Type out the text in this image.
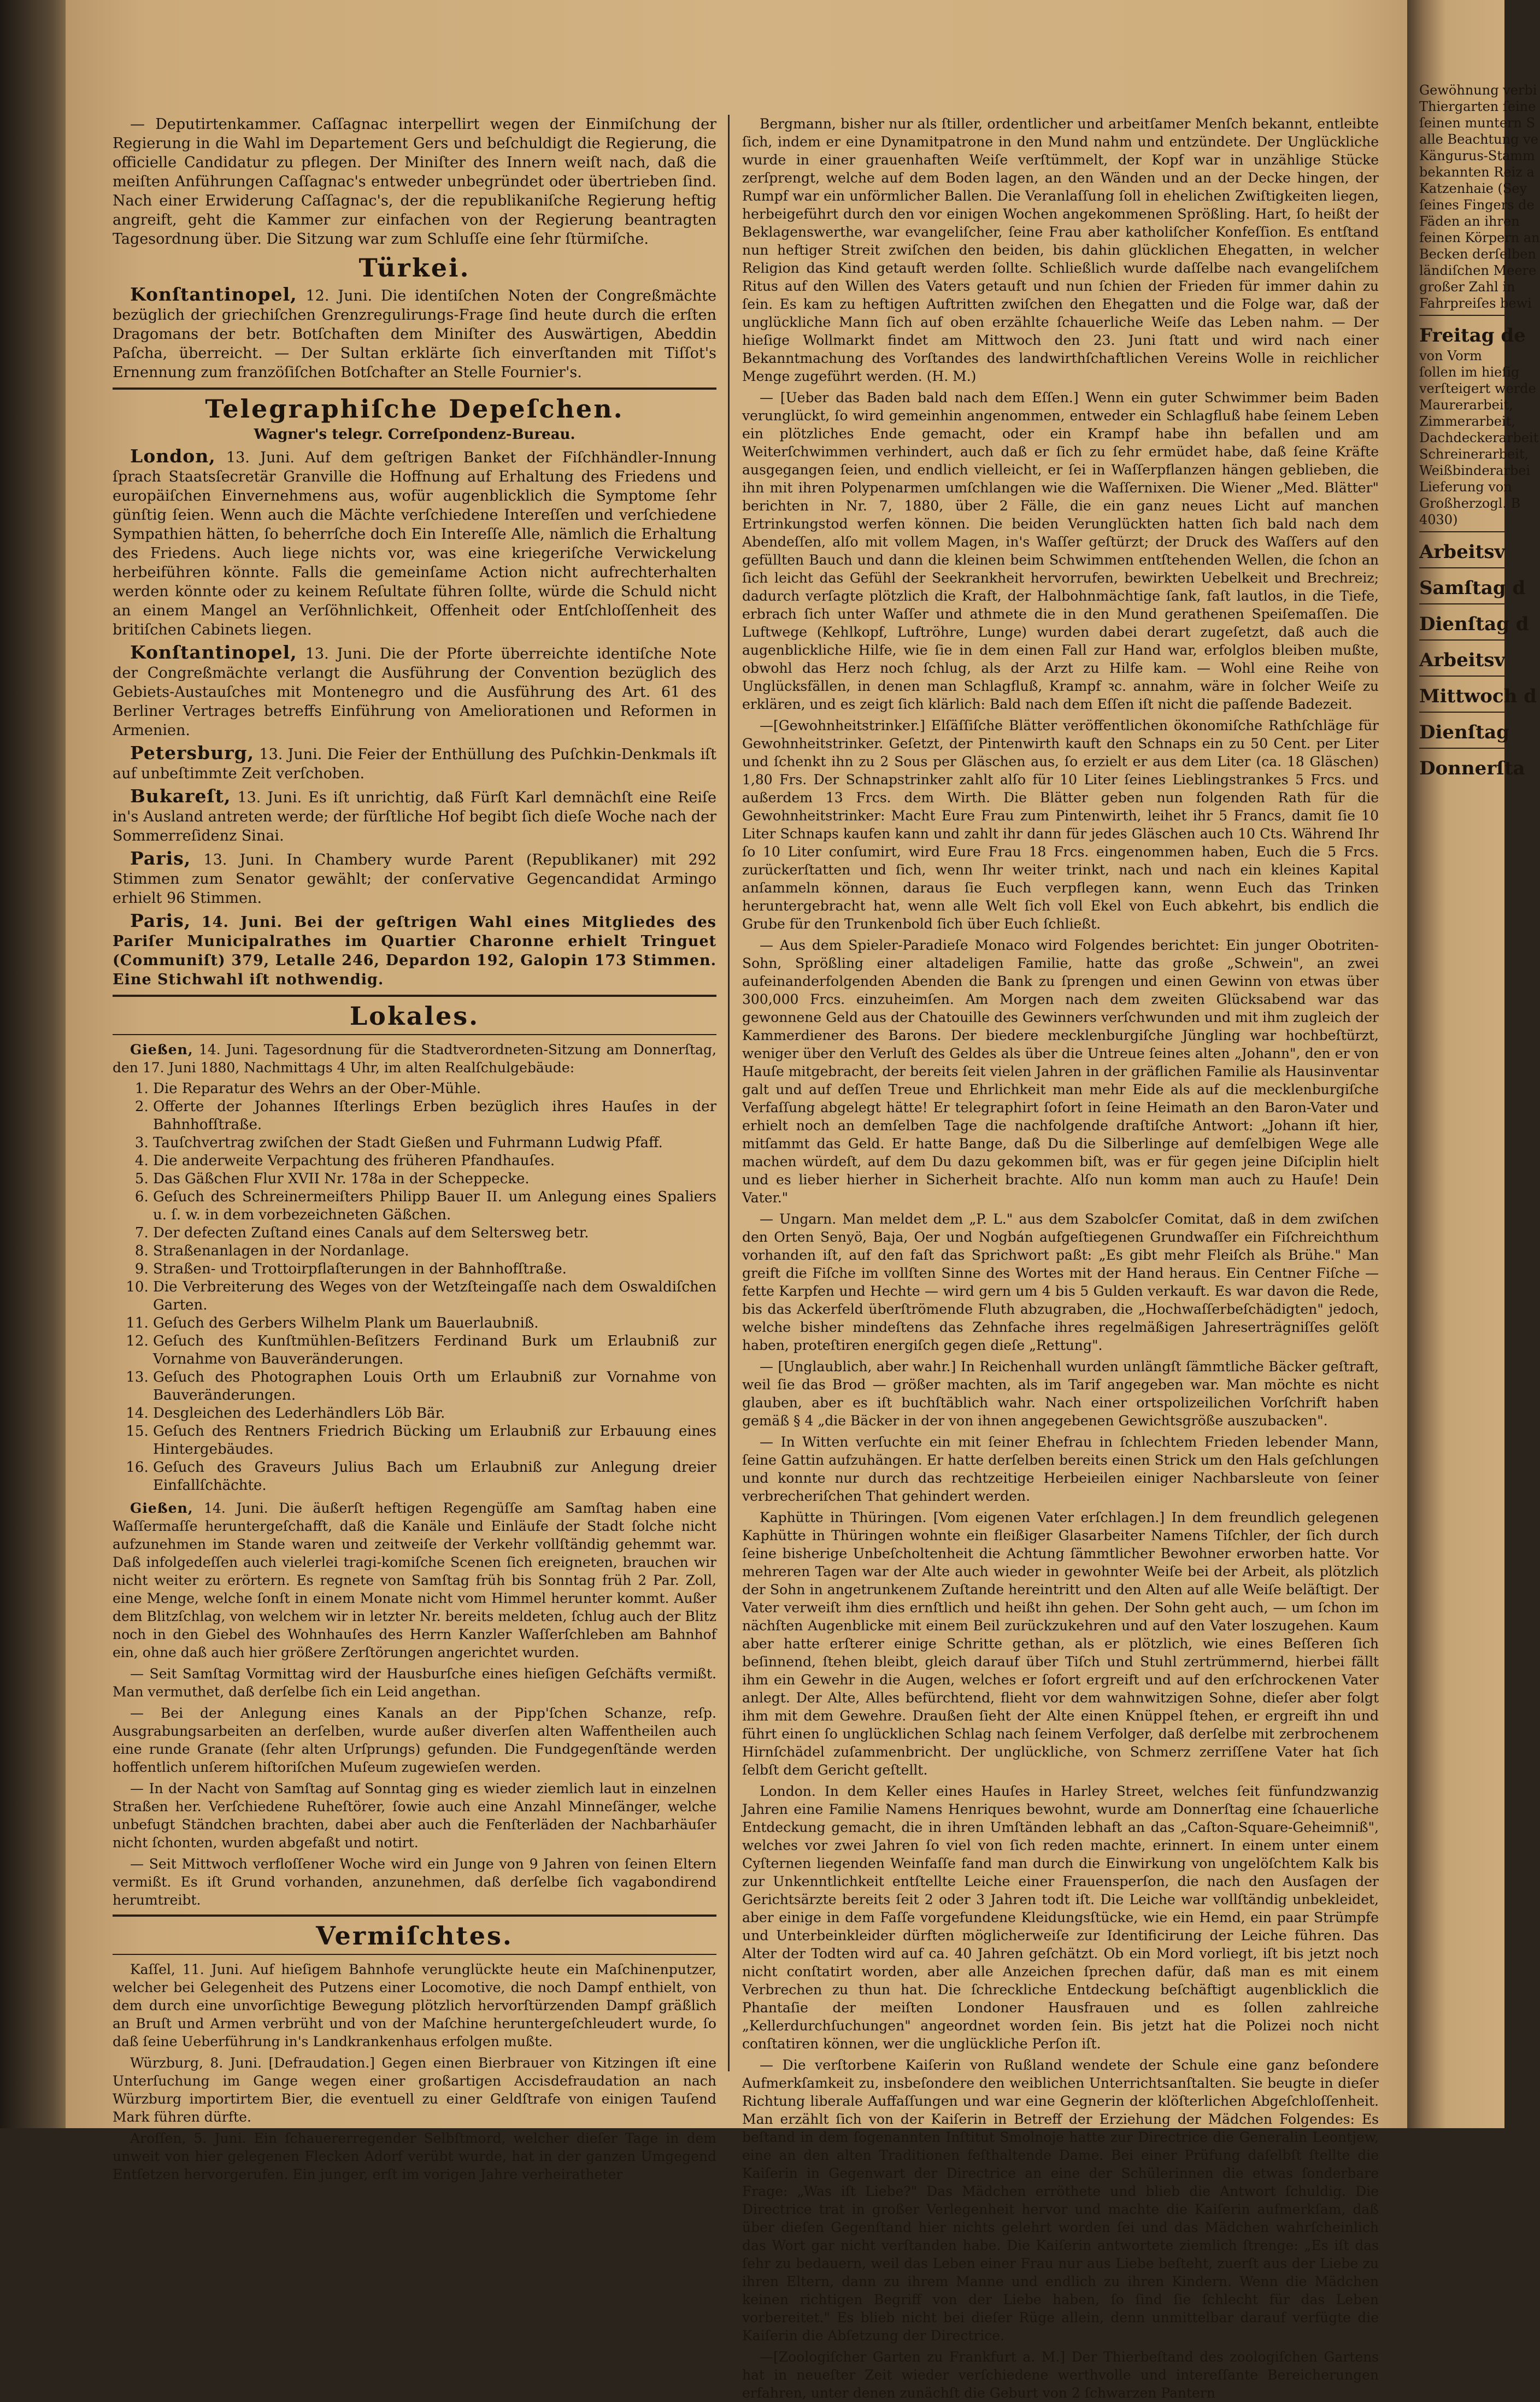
— Deputirtenkammer. Caſſagnac interpellirt wegen der Einmiſchung der Regierung in die Wahl im Departement Gers und beſchuldigt die Regierung, die officielle Candidatur zu pflegen. Der Miniſter des Innern weiſt nach, daß die meiſten Anführungen Caſſagnac's entweder unbegründet oder übertrieben ſind. Nach einer Erwiderung Caſſagnac's, der die republikaniſche Regierung heftig angreift, geht die Kammer zur einfachen von der Regierung beantragten Tagesordnung über. Die Sitzung war zum Schluſſe eine ſehr ſtürmiſche.

Türkei.

Konſtantinopel, 12. Juni. Die identiſchen Noten der Congreßmächte bezüglich der griechiſchen Grenzregulirungs-Frage ſind heute durch die erſten Dragomans der betr. Botſchaften dem Miniſter des Auswärtigen, Abeddin Paſcha, überreicht. — Der Sultan erklärte ſich einverſtanden mit Tiſſot's Ernennung zum franzöſiſchen Botſchafter an Stelle Fournier's.

Telegraphiſche Depeſchen.
Wagner's telegr. Correſpondenz-Bureau.

London, 13. Juni. Auf dem geſtrigen Banket der Fiſchhändler-Innung ſprach Staatsſecretär Granville die Hoffnung auf Erhaltung des Friedens und europäiſchen Einvernehmens aus, wofür augenblicklich die Symptome ſehr günſtig ſeien. Wenn auch die Mächte verſchiedene Intereſſen und verſchiedene Sympathien hätten, ſo beherrſche doch Ein Intereſſe Alle, nämlich die Erhaltung des Friedens. Auch liege nichts vor, was eine kriegeriſche Verwickelung herbeiführen könnte. Falls die gemeinſame Action nicht aufrechterhalten werden könnte oder zu keinem Reſultate führen ſollte, würde die Schuld nicht an einem Mangel an Verſöhnlichkeit, Offenheit oder Entſchloſſenheit des britiſchen Cabinets liegen.

Konſtantinopel, 13. Juni. Die der Pforte überreichte identiſche Note der Congreßmächte verlangt die Ausführung der Convention bezüglich des Gebiets-Austauſches mit Montenegro und die Ausführung des Art. 61 des Berliner Vertrages betreffs Einführung von Ameliorationen und Reformen in Armenien.

Petersburg, 13. Juni. Die Feier der Enthüllung des Puſchkin-Denkmals iſt auf unbeſtimmte Zeit verſchoben.

Bukareſt, 13. Juni. Es iſt unrichtig, daß Fürſt Karl demnächſt eine Reiſe in's Ausland antreten werde; der fürſtliche Hof begibt ſich dieſe Woche nach der Sommerreſidenz Sinai.

Paris, 13. Juni. In Chambery wurde Parent (Republikaner) mit 292 Stimmen zum Senator gewählt; der conſervative Gegencandidat Armingo erhielt 96 Stimmen.

Paris, 14. Juni. Bei der geſtrigen Wahl eines Mitgliedes des Pariſer Municipalrathes im Quartier Charonne erhielt Tringuet (Communiſt) 379, Letalle 246, Depardon 192, Galopin 173 Stimmen. Eine Stichwahl iſt nothwendig.

Lokales.

Gießen, 14. Juni. Tagesordnung für die Stadtverordneten-Sitzung am Donnerſtag, den 17. Juni 1880, Nachmittags 4 Uhr, im alten Realſchulgebäude:

1. Die Reparatur des Wehrs an der Ober-Mühle.
2. Offerte der Johannes Iſterlings Erben bezüglich ihres Hauſes in der Bahnhofſtraße.
3. Tauſchvertrag zwiſchen der Stadt Gießen und Fuhrmann Ludwig Pfaff.
4. Die anderweite Verpachtung des früheren Pfandhauſes.
5. Das Gäßchen Flur XVII Nr. 178a in der Scheppecke.
6. Geſuch des Schreinermeiſters Philipp Bauer II. um Anlegung eines Spaliers u. ſ. w. in dem vorbezeichneten Gäßchen.
7. Der defecten Zuſtand eines Canals auf dem Seltersweg betr.
8. Straßenanlagen in der Nordanlage.
9. Straßen- und Trottoirpflaſterungen in der Bahnhofſtraße.
10. Die Verbreiterung des Weges von der Wetzſteingaſſe nach dem Oswaldiſchen Garten.
11. Geſuch des Gerbers Wilhelm Plank um Bauerlaubniß.
12. Geſuch des Kunſtmühlen-Beſitzers Ferdinand Burk um Erlaubniß zur Vornahme von Bauveränderungen.
13. Geſuch des Photographen Louis Orth um Erlaubniß zur Vornahme von Bauveränderungen.
14. Desgleichen des Lederhändlers Löb Bär.
15. Geſuch des Rentners Friedrich Bücking um Erlaubniß zur Erbauung eines Hintergebäudes.
16. Geſuch des Graveurs Julius Bach um Erlaubniß zur Anlegung dreier Einfallſchächte.

Gießen, 14. Juni. Die äußerſt heftigen Regengüſſe am Samſtag haben eine Waſſermaſſe heruntergeſchafft, daß die Kanäle und Einläufe der Stadt ſolche nicht aufzunehmen im Stande waren und zeitweiſe der Verkehr vollſtändig gehemmt war. Daß infolgedeſſen auch vielerlei tragi-komiſche Scenen ſich ereigneten, brauchen wir nicht weiter zu erörtern. Es regnete von Samſtag früh bis Sonntag früh 2 Par. Zoll, eine Menge, welche ſonſt in einem Monate nicht vom Himmel herunter kommt. Außer dem Blitzſchlag, von welchem wir in letzter Nr. bereits meldeten, ſchlug auch der Blitz noch in den Giebel des Wohnhauſes des Herrn Kanzler Waſſerſchleben am Bahnhof ein, ohne daß auch hier größere Zerſtörungen angerichtet wurden.

— Seit Samſtag Vormittag wird der Hausburſche eines hieſigen Geſchäfts vermißt. Man vermuthet, daß derſelbe ſich ein Leid angethan.

— Bei der Anlegung eines Kanals an der Pipp'ſchen Schanze, reſp. Ausgrabungsarbeiten an derſelben, wurde außer diverſen alten Waffentheilen auch eine runde Granate (ſehr alten Urſprungs) gefunden. Die Fundgegenſtände werden hoffentlich unſerem hiſtoriſchen Muſeum zugewieſen werden.

— In der Nacht von Samſtag auf Sonntag ging es wieder ziemlich laut in einzelnen Straßen her. Verſchiedene Ruheſtörer, ſowie auch eine Anzahl Minneſänger, welche unbefugt Ständchen brachten, dabei aber auch die Fenſterläden der Nachbarhäuſer nicht ſchonten, wurden abgefaßt und notirt.

— Seit Mittwoch verfloſſener Woche wird ein Junge von 9 Jahren von ſeinen Eltern vermißt. Es iſt Grund vorhanden, anzunehmen, daß derſelbe ſich vagabondirend herumtreibt.

Vermiſchtes.

Kaſſel, 11. Juni. Auf hieſigem Bahnhofe verunglückte heute ein Maſchinenputzer, welcher bei Gelegenheit des Putzens einer Locomotive, die noch Dampf enthielt, von dem durch eine unvorſichtige Bewegung plötzlich hervorſtürzenden Dampf gräßlich an Bruſt und Armen verbrüht und von der Maſchine heruntergeſchleudert wurde, ſo daß ſeine Ueberführung in's Landkrankenhaus erfolgen mußte.

Würzburg, 8. Juni. [Defraudation.] Gegen einen Bierbrauer von Kitzingen iſt eine Unterſuchung im Gange wegen einer großartigen Accisdefraudation an nach Würzburg importirtem Bier, die eventuell zu einer Geldſtrafe von einigen Tauſend Mark führen dürfte.

Aroſſen, 5. Juni. Ein ſchauererregender Selbſtmord, welcher dieſer Tage in dem unweit von hier gelegenen Flecken Adorf verübt wurde, hat in der ganzen Umgegend Entſetzen hervorgerufen. Ein junger, erſt im vorigen Jahre verheiratheter

Bergmann, bisher nur als ſtiller, ordentlicher und arbeitſamer Menſch bekannt, entleibte ſich, indem er eine Dynamitpatrone in den Mund nahm und entzündete. Der Unglückliche wurde in einer grauenhaften Weiſe verſtümmelt, der Kopf war in unzählige Stücke zerſprengt, welche auf dem Boden lagen, an den Wänden und an der Decke hingen, der Rumpf war ein unförmlicher Ballen. Die Veranlaſſung ſoll in ehelichen Zwiſtigkeiten liegen, herbeigeführt durch den vor einigen Wochen angekommenen Sprößling. Hart, ſo heißt der Beklagenswerthe, war evangeliſcher, ſeine Frau aber katholiſcher Konfeſſion. Es entſtand nun heftiger Streit zwiſchen den beiden, bis dahin glücklichen Ehegatten, in welcher Religion das Kind getauft werden ſollte. Schließlich wurde daſſelbe nach evangeliſchem Ritus auf den Willen des Vaters getauft und nun ſchien der Frieden für immer dahin zu ſein. Es kam zu heftigen Auftritten zwiſchen den Ehegatten und die Folge war, daß der unglückliche Mann ſich auf oben erzählte ſchauerliche Weiſe das Leben nahm. — Der hieſige Wollmarkt findet am Mittwoch den 23. Juni ſtatt und wird nach einer Bekanntmachung des Vorſtandes des landwirthſchaftlichen Vereins Wolle in reichlicher Menge zugeführt werden. (H. M.)

— [Ueber das Baden bald nach dem Eſſen.] Wenn ein guter Schwimmer beim Baden verunglückt, ſo wird gemeinhin angenommen, entweder ein Schlagfluß habe ſeinem Leben ein plötzliches Ende gemacht, oder ein Krampf habe ihn befallen und am Weiterſchwimmen verhindert, auch daß er ſich zu ſehr ermüdet habe, daß ſeine Kräfte ausgegangen ſeien, und endlich vielleicht, er ſei in Waſſerpflanzen hängen geblieben, die ihn mit ihren Polypenarmen umſchlangen wie die Waſſernixen. Die Wiener „Med. Blätter" berichten in Nr. 7, 1880, über 2 Fälle, die ein ganz neues Licht auf manchen Ertrinkungstod werfen können. Die beiden Verunglückten hatten ſich bald nach dem Abendeſſen, alſo mit vollem Magen, in's Waſſer geſtürzt; der Druck des Waſſers auf den gefüllten Bauch und dann die kleinen beim Schwimmen entſtehenden Wellen, die ſchon an ſich leicht das Gefühl der Seekrankheit hervorrufen, bewirkten Uebelkeit und Brechreiz; dadurch verſagte plötzlich die Kraft, der Halbohnmächtige ſank, faſt lautlos, in die Tiefe, erbrach ſich unter Waſſer und athmete die in den Mund gerathenen Speiſemaſſen. Die Luftwege (Kehlkopf, Luftröhre, Lunge) wurden dabei derart zugeſetzt, daß auch die augenblickliche Hilfe, wie ſie in dem einen Fall zur Hand war, erfolglos bleiben mußte, obwohl das Herz noch ſchlug, als der Arzt zu Hilfe kam. — Wohl eine Reihe von Unglücksfällen, in denen man Schlagfluß, Krampf ꝛc. annahm, wäre in ſolcher Weiſe zu erklären, und es zeigt ſich klärlich: Bald nach dem Eſſen iſt nicht die paſſende Badezeit.

—[Gewohnheitstrinker.] Elſäſſiſche Blätter veröffentlichen ökonomiſche Rathſchläge für Gewohnheitstrinker. Geſetzt, der Pintenwirth kauft den Schnaps ein zu 50 Cent. per Liter und ſchenkt ihn zu 2 Sous per Gläschen aus, ſo erzielt er aus dem Liter (ca. 18 Gläschen) 1,80 Frs. Der Schnapstrinker zahlt alſo für 10 Liter ſeines Lieblingstrankes 5 Frcs. und außerdem 13 Frcs. dem Wirth. Die Blätter geben nun folgenden Rath für die Gewohnheitstrinker: Macht Eure Frau zum Pintenwirth, leihet ihr 5 Francs, damit ſie 10 Liter Schnaps kaufen kann und zahlt ihr dann für jedes Gläschen auch 10 Cts. Während Ihr ſo 10 Liter conſumirt, wird Eure Frau 18 Frcs. eingenommen haben, Euch die 5 Frcs. zurückerſtatten und ſich, wenn Ihr weiter trinkt, nach und nach ein kleines Kapital anſammeln können, daraus ſie Euch verpflegen kann, wenn Euch das Trinken heruntergebracht hat, wenn alle Welt ſich voll Ekel von Euch abkehrt, bis endlich die Grube für den Trunkenbold ſich über Euch ſchließt.

— Aus dem Spieler-Paradieſe Monaco wird Folgendes berichtet: Ein junger Obotriten-Sohn, Sprößling einer altadeligen Familie, hatte das große „Schwein", an zwei aufeinanderfolgenden Abenden die Bank zu ſprengen und einen Gewinn von etwas über 300,000 Frcs. einzuheimſen. Am Morgen nach dem zweiten Glücksabend war das gewonnene Geld aus der Chatouille des Gewinners verſchwunden und mit ihm zugleich der Kammerdiener des Barons. Der biedere mecklenburgiſche Jüngling war hochbeſtürzt, weniger über den Verluſt des Geldes als über die Untreue ſeines alten „Johann", den er von Hauſe mitgebracht, der bereits ſeit vielen Jahren in der gräflichen Familie als Hausinventar galt und auf deſſen Treue und Ehrlichkeit man mehr Eide als auf die mecklenburgiſche Verfaſſung abgelegt hätte! Er telegraphirt ſofort in ſeine Heimath an den Baron-Vater und erhielt noch an demſelben Tage die nachfolgende draſtiſche Antwort: „Johann iſt hier, mitſammt das Geld. Er hatte Bange, daß Du die Silberlinge auf demſelbigen Wege alle machen würdeſt, auf dem Du dazu gekommen biſt, was er für gegen jeine Diſciplin hielt und es lieber hierher in Sicherheit brachte. Alſo nun komm man auch zu Hauſe! Dein Vater."

— Ungarn. Man meldet dem „P. L." aus dem Szabolcſer Comitat, daß in dem zwiſchen den Orten Senyö, Baja, Oer und Nogbán aufgeſtiegenen Grundwaſſer ein Fiſchreichthum vorhanden iſt, auf den faſt das Sprichwort paßt: „Es gibt mehr Fleiſch als Brühe." Man greift die Fiſche im vollſten Sinne des Wortes mit der Hand heraus. Ein Centner Fiſche — fette Karpfen und Hechte — wird gern um 4 bis 5 Gulden verkauft. Es war davon die Rede, bis das Ackerfeld überſtrömende Fluth abzugraben, die „Hochwaſſerbeſchädigten" jedoch, welche bisher mindeſtens das Zehnfache ihres regelmäßigen Jahreserträgniſſes gelöſt haben, proteſtiren energiſch gegen dieſe „Rettung".

— [Unglaublich, aber wahr.] In Reichenhall wurden unlängſt ſämmtliche Bäcker geſtraft, weil ſie das Brod — größer machten, als im Tarif angegeben war. Man möchte es nicht glauben, aber es iſt buchſtäblich wahr. Nach einer ortspolizeilichen Vorſchrift haben gemäß § 4 „die Bäcker in der von ihnen angegebenen Gewichtsgröße auszubacken".

— In Witten verſuchte ein mit ſeiner Ehefrau in ſchlechtem Frieden lebender Mann, ſeine Gattin aufzuhängen. Er hatte derſelben bereits einen Strick um den Hals geſchlungen und konnte nur durch das rechtzeitige Herbeieilen einiger Nachbarsleute von ſeiner verbrecheriſchen That gehindert werden.

Kaphütte in Thüringen. [Vom eigenen Vater erſchlagen.] In dem freundlich gelegenen Kaphütte in Thüringen wohnte ein fleißiger Glasarbeiter Namens Tiſchler, der ſich durch ſeine bisherige Unbeſcholtenheit die Achtung ſämmtlicher Bewohner erworben hatte. Vor mehreren Tagen war der Alte auch wieder in gewohnter Weiſe bei der Arbeit, als plötzlich der Sohn in angetrunkenem Zuſtande hereintritt und den Alten auf alle Weiſe beläſtigt. Der Vater verweiſt ihm dies ernſtlich und heißt ihn gehen. Der Sohn geht auch, — um ſchon im nächſten Augenblicke mit einem Beil zurückzukehren und auf den Vater loszugehen. Kaum aber hatte erſterer einige Schritte gethan, als er plötzlich, wie eines Beſſeren ſich beſinnend, ſtehen bleibt, gleich darauf über Tiſch und Stuhl zertrümmernd, hierbei fällt ihm ein Gewehr in die Augen, welches er ſofort ergreift und auf den erſchrockenen Vater anlegt. Der Alte, Alles befürchtend, flieht vor dem wahnwitzigen Sohne, dieſer aber folgt ihm mit dem Gewehre. Draußen ſieht der Alte einen Knüppel ſtehen, er ergreift ihn und führt einen ſo unglücklichen Schlag nach ſeinem Verfolger, daß derſelbe mit zerbrochenem Hirnſchädel zuſammenbricht. Der unglückliche, von Schmerz zerriſſene Vater hat ſich ſelbſt dem Gericht geſtellt.

London. In dem Keller eines Hauſes in Harley Street, welches ſeit fünfundzwanzig Jahren eine Familie Namens Henriques bewohnt, wurde am Donnerſtag eine ſchauerliche Entdeckung gemacht, die in ihren Umſtänden lebhaft an das „Caſton-Square-Geheimniß", welches vor zwei Jahren ſo viel von ſich reden machte, erinnert. In einem unter einem Cyſternen liegenden Weinfaſſe fand man durch die Einwirkung von ungelöſchtem Kalk bis zur Unkenntlichkeit entſtellte Leiche einer Frauensperſon, die nach den Ausſagen der Gerichtsärzte bereits ſeit 2 oder 3 Jahren todt iſt. Die Leiche war vollſtändig unbekleidet, aber einige in dem Faſſe vorgefundene Kleidungsſtücke, wie ein Hemd, ein paar Strümpfe und Unterbeinkleider dürften möglicherweiſe zur Identificirung der Leiche führen. Das Alter der Todten wird auf ca. 40 Jahren geſchätzt. Ob ein Mord vorliegt, iſt bis jetzt noch nicht conſtatirt worden, aber alle Anzeichen ſprechen dafür, daß man es mit einem Verbrechen zu thun hat. Die ſchreckliche Entdeckung beſchäftigt augenblicklich die Phantaſie der meiſten Londoner Hausfrauen und es ſollen zahlreiche „Kellerdurchſuchungen" angeordnet worden ſein. Bis jetzt hat die Polizei noch nicht conſtatiren können, wer die unglückliche Perſon iſt.

— Die verſtorbene Kaiſerin von Rußland wendete der Schule eine ganz beſondere Aufmerkſamkeit zu, insbeſondere den weiblichen Unterrichtsanſtalten. Sie beugte in dieſer Richtung liberale Auffaſſungen und war eine Gegnerin der klöſterlichen Abgeſchloſſenheit. Man erzählt ſich von der Kaiſerin in Betreff der Erziehung der Mädchen Folgendes: Es beſtand in dem ſogenannten Inſtitut Smolnoje hatte zur Directrice die Generalin Leontjew, eine an den alten Traditionen feſthaltende Dame. Bei einer Prüfung daſelbſt ſtellte die Kaiſerin in Gegenwart der Directrice an eine der Schülerinnen die etwas ſonderbare Frage: „Was iſt Liebe?" Das Mädchen erröthete und blieb die Antwort ſchuldig. Die Directrice trat in großer Verlegenheit hervor und machte die Kaiſerin aufmerkſam, daß über dieſen Gegenſtand hier nichts gelehrt worden ſei und das Mädchen wahrſcheinlich das Wort gar nicht verſtanden habe. Die Kaiſerin antwortete ziemlich ſtrenge: „Es iſt das ſehr zu bedauern, weil das Leben einer Frau nur aus Liebe beſteht, zuerſt aus der Liebe zu ihren Eltern, dann zu ihrem Manne und endlich zu ihren Kindern. Wenn die Mädchen keinen richtigen Begriff von der Liebe haben, ſo ſind ſie ſchlecht für das Leben vorbereitet." Es blieb nicht bei dieſer Rüge allein, denn unmittelbar darauf verfügte die Kaiſerin die Abſetzung der Directrice.

—[Zoologiſcher Garten zu Frankfurt a. M.] Der Thierbeſtand des zoologiſchen Gartens hat in neueſter Zeit wieder verſchiedene werthvolle und intereſſante Bereicherungen erfahren, unter denen zunächſt die Geburt von 2 ſchwarzen Pantern

Gewöhnung verbi
Thiergarten ſeine
ſeinen muntern S
alle Beachtung ve
Kängurus-Stamm
bekannten Reiz a
Katzenhaie (Sey
ſeines Fingers de
Fäden an ihren
feinen Körpern an
Becken derſelben
ländiſchen Meere
großer Zahl in
Fahrpreiſes bewi
Freitag de
von Vorm
ſollen im hieſig
verſteigert werde
Maurerarbeit,
Zimmerarbeit,
Dachdeckerarbeit
Schreinerarbeit,
Weißbinderarbei
Lieferung von
Großherzogl. B
4030)
Arbeitsv
Samſtag d
Dienſtag d
Arbeitsv
Mittwoch d
Dienſtag
Donnerſta
